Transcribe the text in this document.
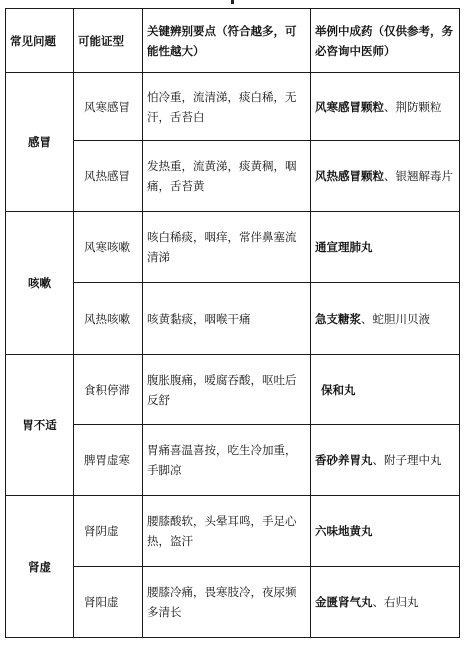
常见问题	可能证型	关键辨别要点（符合越多，可能性越大）	举例中成药（仅供参考，务必咨询中医师）
感冒	风寒感冒	怕冷重，流清涕，痰白稀，无汗，舌苔白	风寒感冒颗粒、荆防颗粒
	风热感冒	发热重，流黄涕，痰黄稠，咽痛，舌苔黄	风热感冒颗粒、银翘解毒片
咳嗽	风寒咳嗽	咳白稀痰，咽痒，常伴鼻塞流清涕	通宣理肺丸
	风热咳嗽	咳黄黏痰，咽喉干痛	急支糖浆、蛇胆川贝液
胃不适	食积停滞	腹胀腹痛，嗳腐吞酸，呕吐后反舒	保和丸
	脾胃虚寒	胃痛喜温喜按，吃生冷加重，手脚凉	香砂养胃丸、附子理中丸
肾虚	肾阴虚	腰膝酸软，头晕耳鸣，手足心热，盗汗	六味地黄丸
	肾阳虚	腰膝冷痛，畏寒肢冷，夜尿频多清长	金匮肾气丸、右归丸
